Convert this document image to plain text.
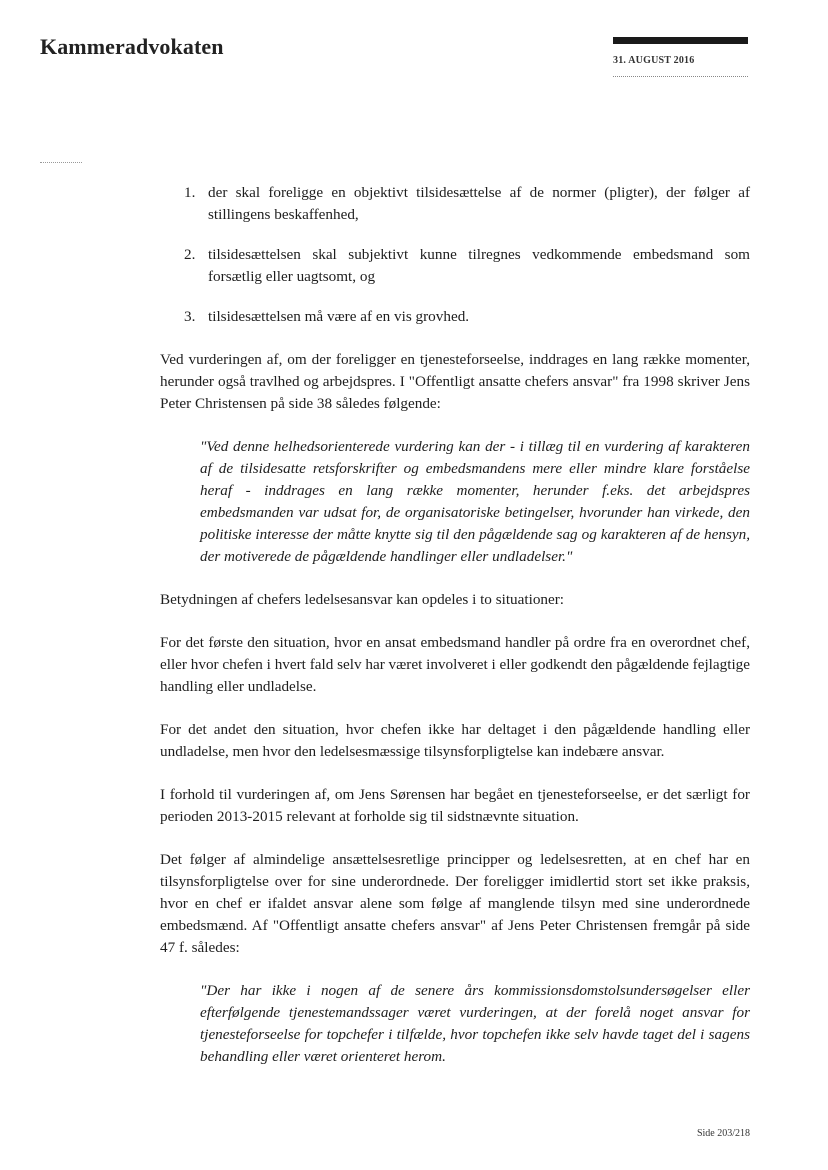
Kammeradvokaten
31. AUGUST 2016
1. der skal foreligge en objektivt tilsidesættelse af de normer (pligter), der følger af stillingens beskaffenhed,
2. tilsidesættelsen skal subjektivt kunne tilregnes vedkommende embedsmand som forsætlig eller uagtsomt, og
3. tilsidesættelsen må være af en vis grovhed.

Ved vurderingen af, om der foreligger en tjenesteforseelse, inddrages en lang række momenter, herunder også travlhed og arbejdspres. I "Offentligt ansatte chefers ansvar" fra 1998 skriver Jens Peter Christensen på side 38 således følgende:

"Ved denne helhedsorienterede vurdering kan der - i tillæg til en vurdering af karakteren af de tilsidesatte retsforskrifter og embedsmandens mere eller mindre klare forståelse heraf - inddrages en lang række momenter, herunder f.eks. det arbejdspres embedsmanden var udsat for, de organisatoriske betingelser, hvorunder han virkede, den politiske interesse der måtte knytte sig til den pågældende sag og karakteren af de hensyn, der motiverede de pågældende handlinger eller undladelser."

Betydningen af chefers ledelsesansvar kan opdeles i to situationer:

For det første den situation, hvor en ansat embedsmand handler på ordre fra en overordnet chef, eller hvor chefen i hvert fald selv har været involveret i eller godkendt den pågældende fejlagtige handling eller undladelse.

For det andet den situation, hvor chefen ikke har deltaget i den pågældende handling eller undladelse, men hvor den ledelsesmæssige tilsynsforpligtelse kan indebære ansvar.

I forhold til vurderingen af, om Jens Sørensen har begået en tjenesteforseelse, er det særligt for perioden 2013-2015 relevant at forholde sig til sidstnævnte situation.

Det følger af almindelige ansættelsesretlige principper og ledelsesretten, at en chef har en tilsynsforpligtelse over for sine underordnede. Der foreligger imidlertid stort set ikke praksis, hvor en chef er ifaldet ansvar alene som følge af manglende tilsyn med sine underordnede embedsmænd. Af "Offentligt ansatte chefers ansvar" af Jens Peter Christensen fremgår på side 47 f. således:

"Der har ikke i nogen af de senere års kommissionsdomstolsundersøgelser eller efterfølgende tjenestemandssager været vurderingen, at der forelå noget ansvar for tjenesteforseelse for topchefer i tilfælde, hvor topchefen ikke selv havde taget del i sagens behandling eller været orienteret herom.

Side 203/218
